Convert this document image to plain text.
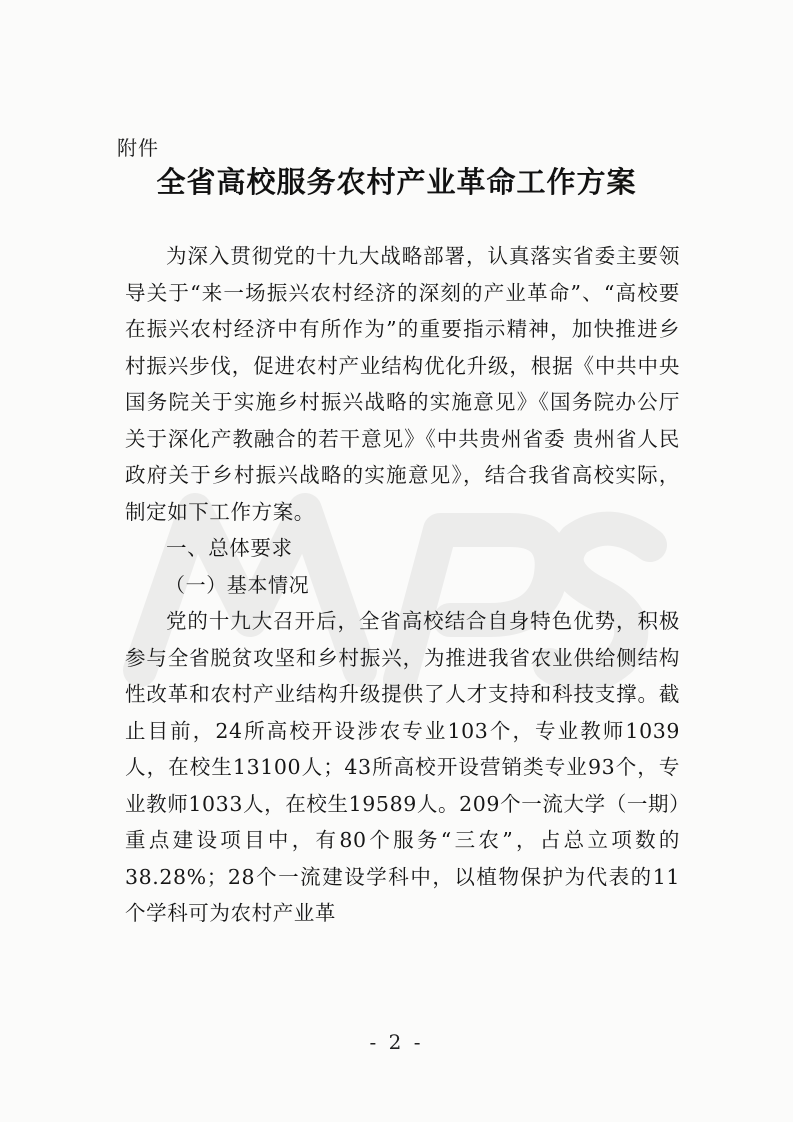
附件
全省高校服务农村产业革命工作方案

为深入贯彻党的十九大战略部署，认真落实省委主要领导关于“来一场振兴农村经济的深刻的产业革命”、“高校要在振兴农村经济中有所作为”的重要指示精神，加快推进乡村振兴步伐，促进农村产业结构优化升级，根据《中共中央 国务院关于实施乡村振兴战略的实施意见》《国务院办公厅关于深化产教融合的若干意见》《中共贵州省委 贵州省人民政府关于乡村振兴战略的实施意见》，结合我省高校实际，制定如下工作方案。

一、总体要求

（一）基本情况

党的十九大召开后，全省高校结合自身特色优势，积极参与全省脱贫攻坚和乡村振兴，为推进我省农业供给侧结构性改革和农村产业结构升级提供了人才支持和科技支撑。截止目前，24所高校开设涉农专业103个，专业教师1039人，在校生13100人；43所高校开设营销类专业93个，专业教师1033人，在校生19589人。209个一流大学（一期）重点建设项目中，有80个服务“三农”，占总立项数的38.28%；28个一流建设学科中，以植物保护为代表的11个学科可为农村产业革

- 2 -
